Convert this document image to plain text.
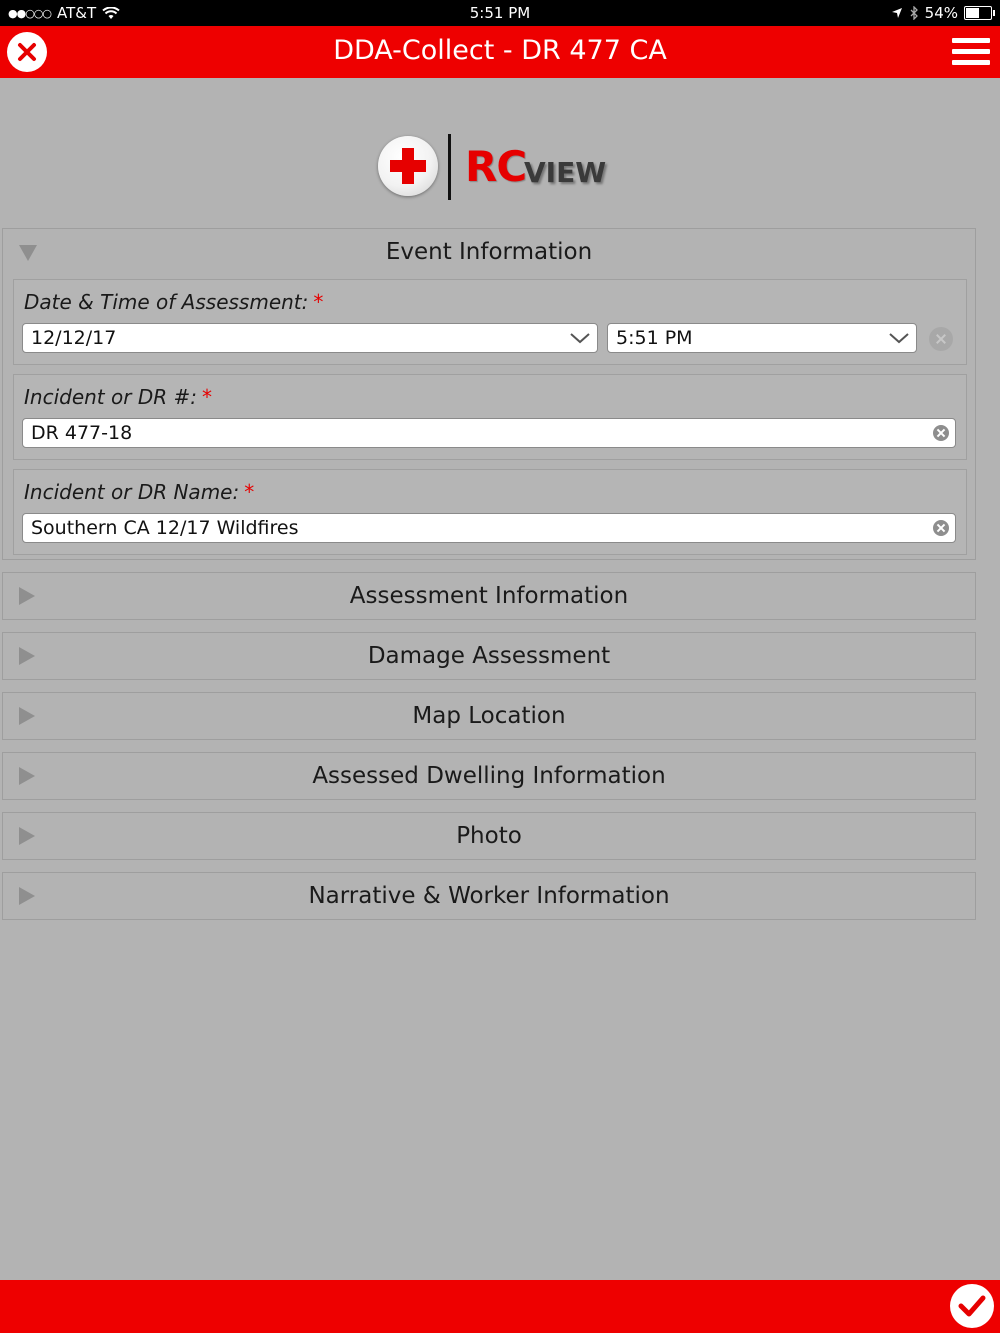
●●○○○ AT&T	5:51 PM	54%
DDA-Collect - DR 477 CA
RC
VIEW
Event Information
Date & Time of Assessment: *
12/12/17	5:51 PM
Incident or DR #: *
DR 477-18
Incident or DR Name: *
Southern CA 12/17 Wildfires
Assessment Information
Damage Assessment
Map Location
Assessed Dwelling Information
Photo
Narrative & Worker Information
